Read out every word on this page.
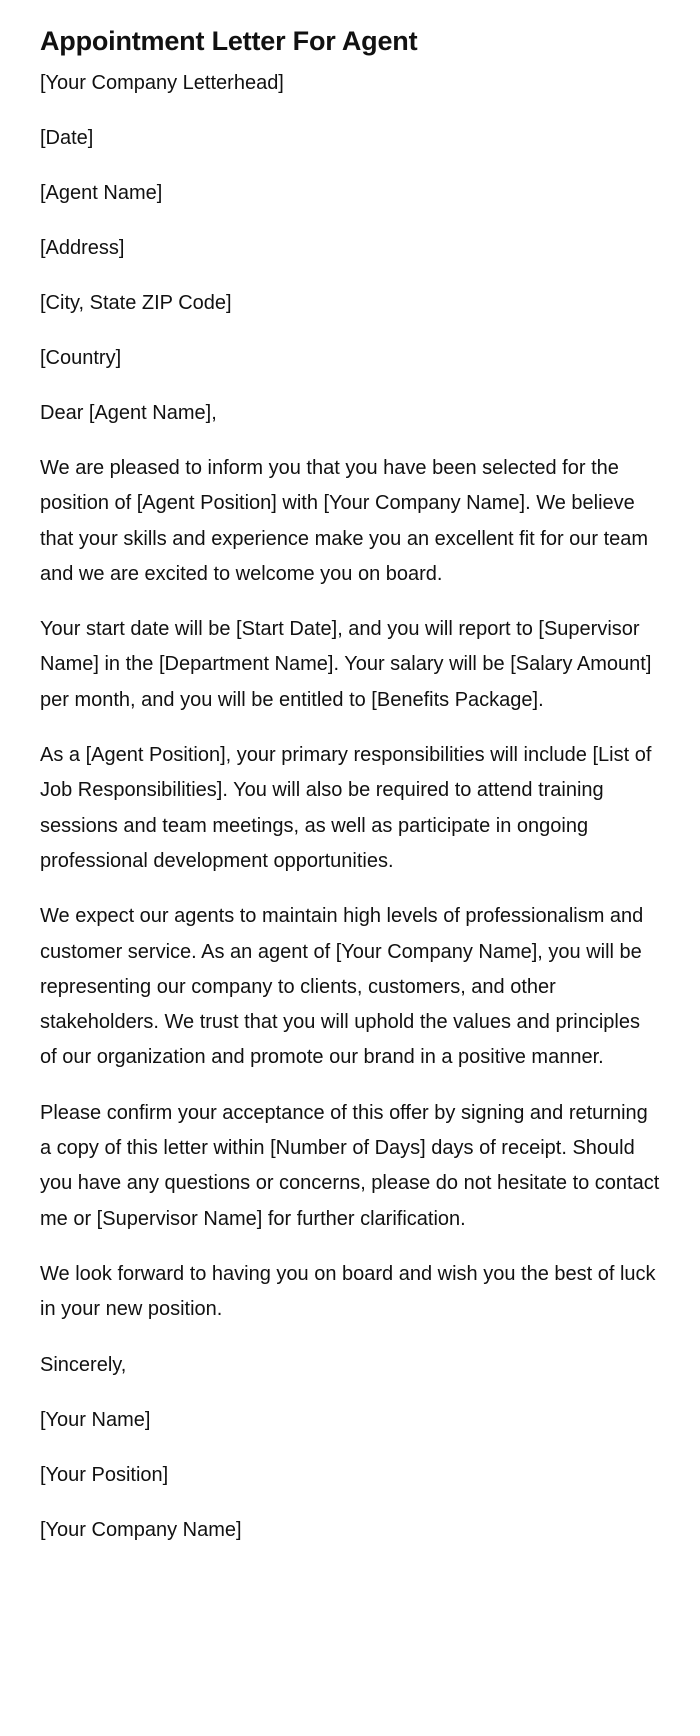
Appointment Letter For Agent
[Your Company Letterhead]
[Date]
[Agent Name]
[Address]
[City, State ZIP Code]
[Country]
Dear [Agent Name],

We are pleased to inform you that you have been selected for the position of [Agent Position] with [Your Company Name]. We believe that your skills and experience make you an excellent fit for our team and we are excited to welcome you on board.

Your start date will be [Start Date], and you will report to [Supervisor Name] in the [Department Name]. Your salary will be [Salary Amount] per month, and you will be entitled to [Benefits Package].

As a [Agent Position], your primary responsibilities will include [List of Job Responsibilities]. You will also be required to attend training sessions and team meetings, as well as participate in ongoing professional development opportunities.

We expect our agents to maintain high levels of professionalism and customer service. As an agent of [Your Company Name], you will be representing our company to clients, customers, and other stakeholders. We trust that you will uphold the values and principles of our organization and promote our brand in a positive manner.

Please confirm your acceptance of this offer by signing and returning a copy of this letter within [Number of Days] days of receipt. Should you have any questions or concerns, please do not hesitate to contact me or [Supervisor Name] for further clarification.

We look forward to having you on board and wish you the best of luck in your new position.

Sincerely,
[Your Name]
[Your Position]
[Your Company Name]
